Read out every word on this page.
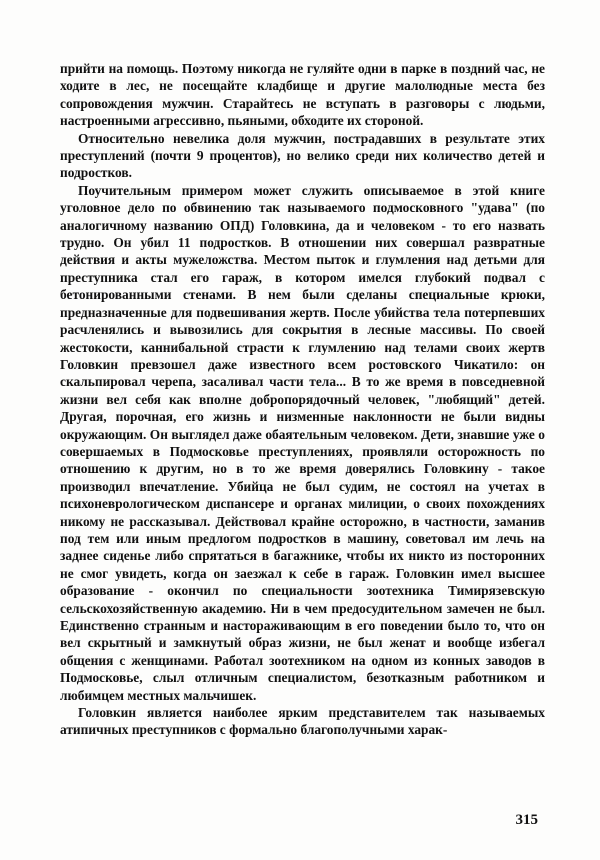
прийти на помощь. Поэтому никогда не гуляйте одни в парке в поздний час, не ходите в лес, не посещайте кладбище и другие малолюдные места без сопровождения мужчин. Старайтесь не вступать в разговоры с людьми, настроенными агрессивно, пьяными, обходите их стороной.

Относительно невелика доля мужчин, пострадавших в результате этих преступлений (почти 9 процентов), но велико среди них количество детей и подростков.

Поучительным примером может служить описываемое в этой книге уголовное дело по обвинению так называемого подмосковного "удава" (по аналогичному названию ОПД) Головкина, да и человеком - то его назвать трудно. Он убил 11 подростков. В отношении них совершал развратные действия и акты мужеложства. Местом пыток и глумления над детьми для преступника стал его гараж, в котором имелся глубокий подвал с бетонированными стенами. В нем были сделаны специальные крюки, предназначенные для подвешивания жертв. После убийства тела потерпевших расчленялись и вывозились для сокрытия в лесные массивы. По своей жестокости, каннибальной страсти к глумлению над телами своих жертв Головкин превзошел даже известного всем ростовского Чикатило: он скальпировал черепа, засаливал части тела... В то же время в повседневной жизни вел себя как вполне добропорядочный человек, "любящий" детей. Другая, порочная, его жизнь и низменные наклонности не были видны окружающим. Он выглядел даже обаятельным человеком. Дети, знавшие уже о совершаемых в Подмосковье преступлениях, проявляли осторожность по отношению к другим, но в то же время доверялись Головкину - такое производил впечатление. Убийца не был судим, не состоял на учетах в психоневрологическом диспансере и органах милиции, о своих похождениях никому не рассказывал. Действовал крайне осторожно, в частности, заманив под тем или иным предлогом подростков в машину, советовал им лечь на заднее сиденье либо спрятаться в багажнике, чтобы их никто из посторонних не смог увидеть, когда он заезжал к себе в гараж. Головкин имел высшее образование - окончил по специальности зоотехника Тимирязевскую сельскохозяйственную академию. Ни в чем предосудительном замечен не был. Единственно странным и настораживающим в его поведении было то, что он вел скрытный и замкнутый образ жизни, не был женат и вообще избегал общения с женщинами. Работал зоотехником на одном из конных заводов в Подмосковье, слыл отличным специалистом, безотказным работником и любимцем местных мальчишек.

Головкин является наиболее ярким представителем так называемых атипичных преступников с формально благополучными харак-

315
